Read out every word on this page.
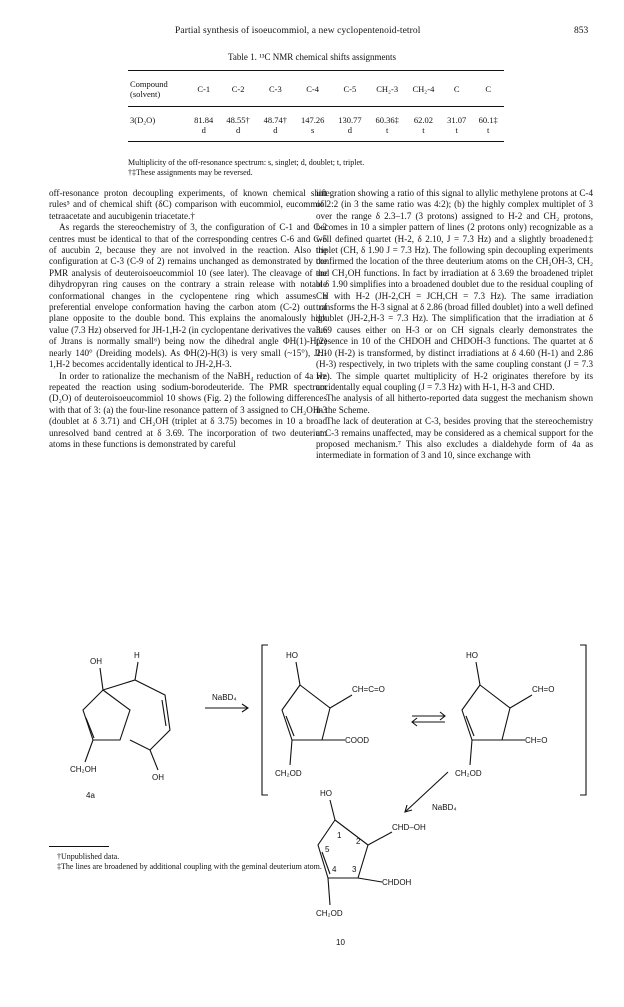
Partial synthesis of isoeucommiol, a new cyclopentenoid-tetrol	853
Table 1. ¹³C NMR chemical shifts assignments
Compound
(solvent)	C-1	C-2	C-3	C-4	C-5	CH₂-3	CH₂-4	C	C
3(D₂O)	81.84	48.55†	48.74†	147.26	130.77	60.36‡	62.02	31.07	60.1‡
	d	d	d	s	d	t	t	t	t
Multiplicity of the off-resonance spectrum: s, singlet; d, doublet; t, triplet.
†‡These assignments may be reversed.

off-resonance proton decoupling experiments, of known chemical shift rules⁵ and of chemical shift (δC) comparison with eucommiol, eucommiol tetraacetate and aucubigenin triacetate.†

As regards the stereochemistry of 3, the configuration of C-1 and C-2 centres must be identical to that of the corresponding centres C-6 and C-5 of aucubin 2, because they are not involved in the reaction. Also the configuration at C-3 (C-9 of 2) remains unchanged as demonstrated by the PMR analysis of deuteroisoeucommiol 10 (see later). The cleavage of the dihydropyran ring causes on the contrary a strain release with notable conformational changes in the cyclopentene ring which assumes a preferential envelope conformation having the carbon atom (C-2) out of plane opposite to the double bond. This explains the anomalously high value (7.3 Hz) observed for JH-1,H-2 (in cyclopentane derivatives the value of Jtrans is normally small⁶) being now the dihedral angle ΦH(1)-H(2) nearly 140° (Dreiding models). As ΦH(2)-H(3) is very small (~15°), JH-1,H-2 becomes accidentally identical to JH-2,H-3.

In order to rationalize the mechanism of the NaBH₄ reduction of 4a we repeated the reaction using sodium-borodeuteride. The PMR spectrum (D₂O) of deuteroisoeucommiol 10 shows (Fig. 2) the following differences with that of 3: (a) the four-line resonance pattern of 3 assigned to CH₂OH-3 (doublet at δ 3.71) and CH₂OH (triplet at δ 3.75) becomes in 10 a broad unresolved band centred at δ 3.69. The incorporation of two deuterium atoms in these functions is demonstrated by careful

integration showing a ratio of this signal to allylic methylene protons at C-4 of 2:2 (in 3 the same ratio was 4:2); (b) the highly complex multiplet of 3 over the range δ 2.3–1.7 (3 protons) assigned to H-2 and CH₂ protons, becomes in 10 a simpler pattern of lines (2 protons only) recognizable as a well defined quartet (H-2, δ 2.10, J = 7.3 Hz) and a slightly broadened‡ triplet (CH, δ 1.90 J = 7.3 Hz). The following spin decoupling experiments confirmed the location of the three deuterium atoms on the CH₂OH-3, CH₂ and CH₂OH functions. In fact by irradiation at δ 3.69 the broadened triplet at δ 1.90 simplifies into a broadened doublet due to the residual coupling of CH with H-2 (JH-2,CH = JCH,CH = 7.3 Hz). The same irradiation transforms the H-3 signal at δ 2.86 (broad filled doublet) into a well defined doublet (JH-2,H-3 = 7.3 Hz). The simplification that the irradiation at δ 3.69 causes either on H-3 or on CH signals clearly demonstrates the presence in 10 of the CHDOH and CHDOH-3 functions. The quartet at δ 2.10 (H-2) is transformed, by distinct irradiations at δ 4.60 (H-1) and 2.86 (H-3) respectively, in two triplets with the same coupling constant (J = 7.3 Hz). The simple quartet multiplicity of H-2 originates therefore by its accidentally equal coupling (J = 7.3 Hz) with H-1, H-3 and CHD.

The analysis of all hitherto-reported data suggest the mechanism shown in the Scheme.

The lack of deuteration at C-3, besides proving that the stereochemistry at C-3 remains unaffected, may be considered as a chemical support for the proposed mechanism.⁷ This also excludes a dialdehyde form of 4a as intermediate in formation of 3 and 10, since exchange with

†Unpublished data.

‡The lines are broadened by additional coupling with the geminal deuterium atom.

OH
H
CH₂OH
OH
4a
NaBD₄
HO
CH=C=O
COOD
CH₂OD
HO
CH=O
CH=O
CH₂OD
NaBD₄
HO
CHD–OH
CHDOH
CH₂OD
1
2
3
4
5
10
